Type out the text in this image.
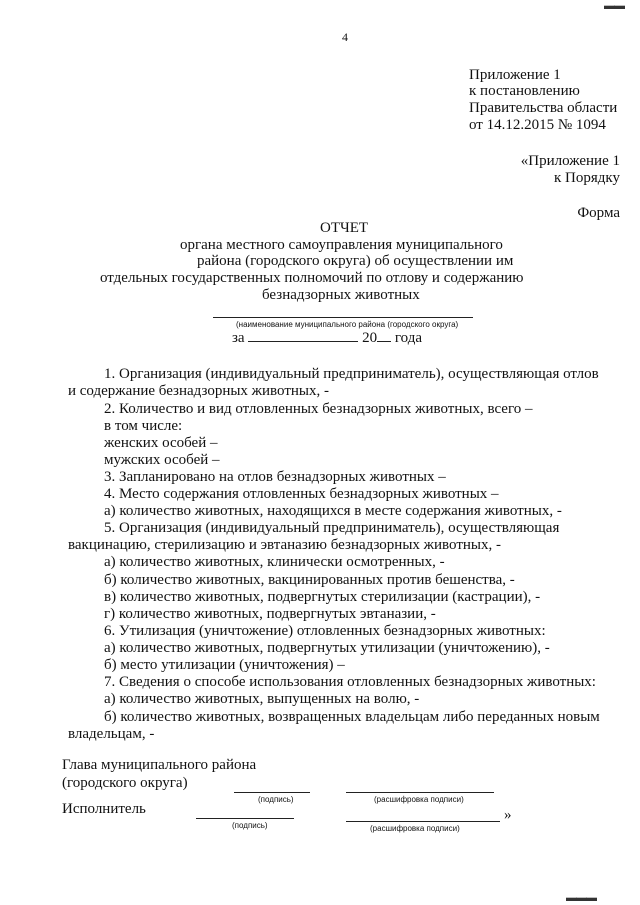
4
Приложение 1
к постановлению
Правительства области
от 14.12.2015 № 1094
«Приложение 1
к Порядку
Форма
ОТЧЕТ
органа местного самоуправления муниципального
района (городского округа) об осуществлении им
отдельных государственных полномочий по отлову и содержанию
безнадзорных животных
(наименование муниципального района (городского округа)
за	20 года
1. Организация (индивидуальный предприниматель), осуществляющая отлов
и содержание безнадзорных животных, -
2. Количество и вид отловленных безнадзорных животных, всего –
в том числе:
женских особей –
мужских особей –
3. Запланировано на отлов безнадзорных животных –
4. Место содержания отловленных безнадзорных животных –
а) количество животных, находящихся в месте содержания животных, -
5. Организация (индивидуальный предприниматель), осуществляющая
вакцинацию, стерилизацию и эвтаназию безнадзорных животных, -
а) количество животных, клинически осмотренных, -
б) количество животных, вакцинированных против бешенства, -
в) количество животных, подвергнутых стерилизации (кастрации), -
г) количество животных, подвергнутых эвтаназии, -
6. Утилизация (уничтожение) отловленных безнадзорных животных:
а) количество животных, подвергнутых утилизации (уничтожению), -
б) место утилизации (уничтожения) –
7. Сведения о способе использования отловленных безнадзорных животных:
а) количество животных, выпущенных на волю, -
б) количество животных, возвращенных владельцам либо переданных новым
владельцам, -
Глава муниципального района
(городского округа)
(подпись)	(расшифровка подписи)
Исполнитель
(подпись)	(расшифровка подписи)
»
▬▬
▬▬▬
